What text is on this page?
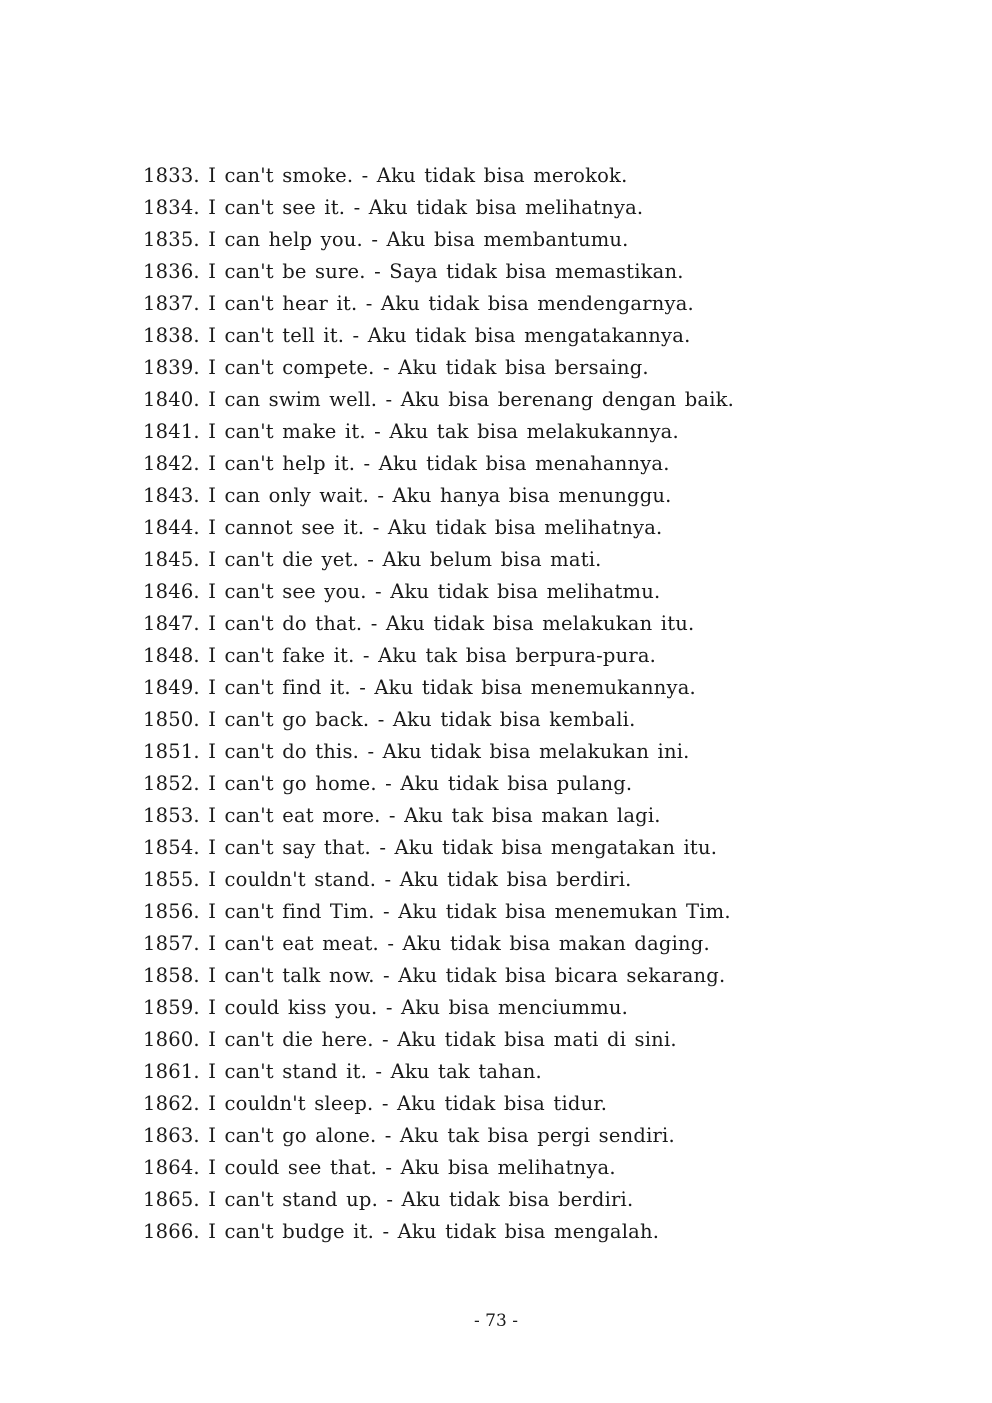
1833. I can't smoke. - Aku tidak bisa merokok.
1834. I can't see it. - Aku tidak bisa melihatnya.
1835. I can help you. - Aku bisa membantumu.
1836. I can't be sure. - Saya tidak bisa memastikan.
1837. I can't hear it. - Aku tidak bisa mendengarnya.
1838. I can't tell it. - Aku tidak bisa mengatakannya.
1839. I can't compete. - Aku tidak bisa bersaing.
1840. I can swim well. - Aku bisa berenang dengan baik.
1841. I can't make it. - Aku tak bisa melakukannya.
1842. I can't help it. - Aku tidak bisa menahannya.
1843. I can only wait. - Aku hanya bisa menunggu.
1844. I cannot see it. - Aku tidak bisa melihatnya.
1845. I can't die yet. - Aku belum bisa mati.
1846. I can't see you. - Aku tidak bisa melihatmu.
1847. I can't do that. - Aku tidak bisa melakukan itu.
1848. I can't fake it. - Aku tak bisa berpura-pura.
1849. I can't find it. - Aku tidak bisa menemukannya.
1850. I can't go back. - Aku tidak bisa kembali.
1851. I can't do this. - Aku tidak bisa melakukan ini.
1852. I can't go home. - Aku tidak bisa pulang.
1853. I can't eat more. - Aku tak bisa makan lagi.
1854. I can't say that. - Aku tidak bisa mengatakan itu.
1855. I couldn't stand. - Aku tidak bisa berdiri.
1856. I can't find Tim. - Aku tidak bisa menemukan Tim.
1857. I can't eat meat. - Aku tidak bisa makan daging.
1858. I can't talk now. - Aku tidak bisa bicara sekarang.
1859. I could kiss you. - Aku bisa menciummu.
1860. I can't die here. - Aku tidak bisa mati di sini.
1861. I can't stand it. - Aku tak tahan.
1862. I couldn't sleep. - Aku tidak bisa tidur.
1863. I can't go alone. - Aku tak bisa pergi sendiri.
1864. I could see that. - Aku bisa melihatnya.
1865. I can't stand up. - Aku tidak bisa berdiri.
1866. I can't budge it. - Aku tidak bisa mengalah.
- 73 -
